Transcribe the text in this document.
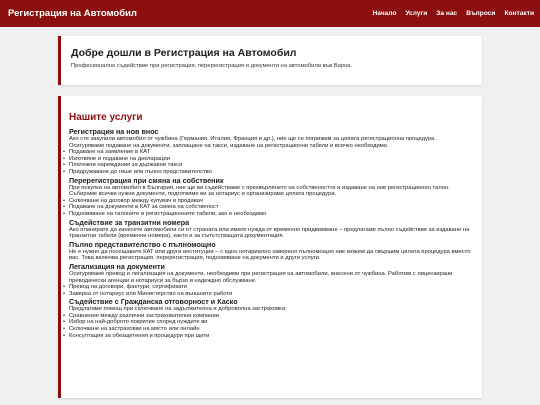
Регистрация на Автомобил	Начало Услуги За нас Въпроси Контакти
Добре дошли в Регистрация на Автомобил

Професионално съдействие при регистрация, перерегистрация и документи на автомобили във Варна.

Нашите услуги
Регистрация на нов внос

Ако сте закупили автомобил от чужбина (Германия, Италия, Франция и др.), ние ще се погрижим за цялата регистрационна процедура. Осигуряваме подаване на документи, заплащане на такси, издаване на регистрационни табели и всичко необходимо.

• Подаване на заявление в КАТ
• Изготвяне и подаване на декларации
• Платежни нареждания за държавни такси
• Придружаване до гише или пълно представителство
Перерегистрация при смяна на собственик

При покупка на автомобил в България, ние ще ви съдействаме с прехвърлянето на собствеността и издаване на нов регистрационен талон. Събираме всички нужни документи, подготвяме ви за нотариус и организираме цялата процедура.

• Сключване на договор между купувач и продавач
• Подаване на документи в КАТ за смяна на собственост
• Подновяване на талоните и регистрационните табели, ако е необходимо
Съдействие за транзитни номера

Ако планирате да изнесете автомобила си от страната или имате нужда от временно придвижване – предлагаме пълно съдействие за издаване на транзитни табели (временни номера), както и за съпътстващата документация.

Пълно представителство с пълномощно

Не е нужно да посещавате КАТ или други институции – с едно нотариално заверено пълномощно ние можем да свършим цялата процедура вместо вас. Това включва регистрация, перерегистрация, подновяване на документи и други услуги.

Легализация на документи

Осигуряваме превод и легализация на документи, необходими при регистрация на автомобили, внесени от чужбина. Работим с лицензирани преводачески агенции и нотариуси за бързо и надеждно обслужване.

• Превод на договори, фактури, сертификати
• Заверка от нотариус или Министерство на външните работи
Съдействие с Гражданска отговорност и Каско

Предлагаме помощ при сключване на задължителна и доброволна застраховка:

• Сравнение между различни застрахователни компании
• Избор на най-доброто покритие според нуждите ви
• Сключване на застраховки на място или онлайн
• Консултация за обезщетения и процедури при щети
